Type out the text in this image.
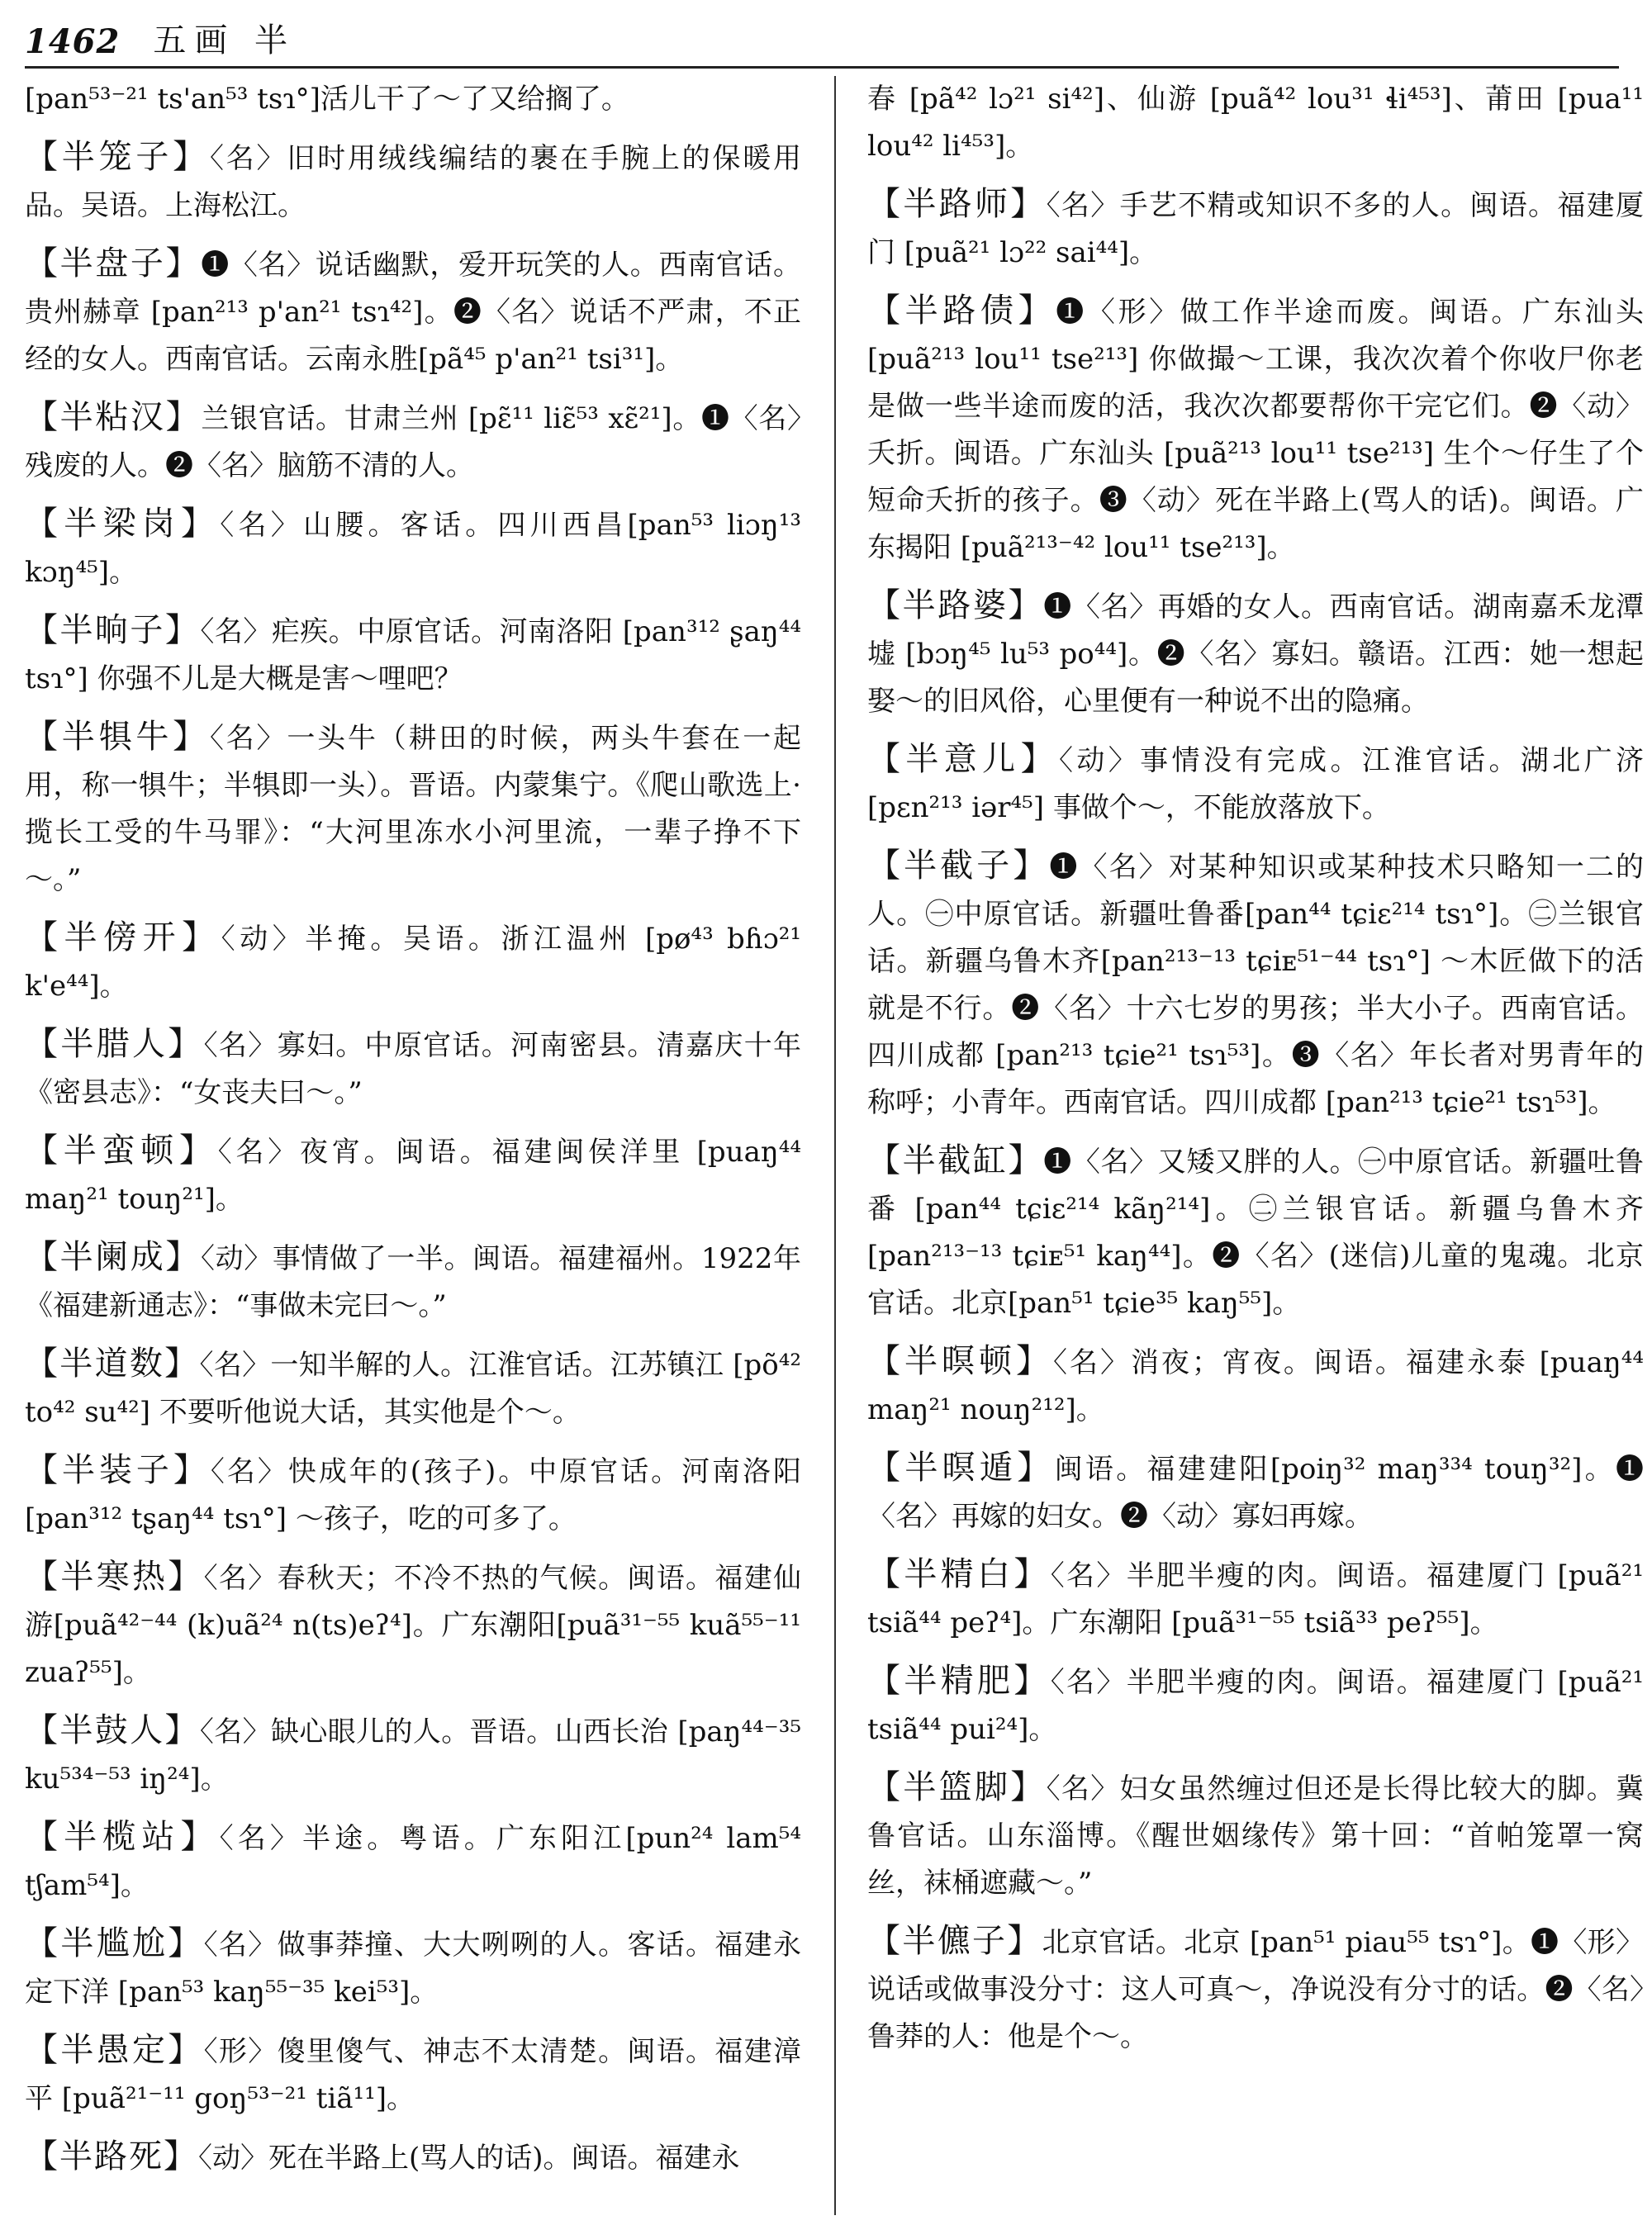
1462 五画 半
[pan⁵³⁻²¹ ts'an⁵³ tsɿ°]活儿干了～了又给搁了。
【半笼子】〈名〉旧时用绒线编结的裹在手腕上的保暖用品。吴语。上海松江。
【半盘子】❶〈名〉说话幽默，爱开玩笑的人。西南官话。贵州赫章 [pan²¹³ p'an²¹ tsɿ⁴²]。❷〈名〉说话不严肃，不正经的女人。西南官话。云南永胜[pã⁴⁵ p'an²¹ tsi³¹]。
【半粘汉】兰银官话。甘肃兰州 [pɛ̃¹¹ liɛ̃⁵³ xɛ̃²¹]。❶〈名〉残废的人。❷〈名〉脑筋不清的人。
【半梁岗】〈名〉山腰。客话。四川西昌[pan⁵³ liɔŋ¹³ kɔŋ⁴⁵]。
【半晌子】〈名〉疟疾。中原官话。河南洛阳 [pan³¹² ʂaŋ⁴⁴ tsɿ°] 你强不儿是大概是害～哩吧？
【半犋牛】〈名〉一头牛（耕田的时候，两头牛套在一起用，称一犋牛；半犋即一头）。晋语。内蒙集宁。《爬山歌选上·揽长工受的牛马罪》：“大河里冻水小河里流，一辈子挣不下～。”
【半傍开】〈动〉半掩。吴语。浙江温州 [pø⁴³ bɦɔ²¹ k'e⁴⁴]。
【半腊人】〈名〉寡妇。中原官话。河南密县。清嘉庆十年《密县志》：“女丧夫曰～。”
【半蛮顿】〈名〉夜宵。闽语。福建闽侯洋里 [puaŋ⁴⁴ maŋ²¹ touŋ²¹]。
【半阑成】〈动〉事情做了一半。闽语。福建福州。1922年《福建新通志》：“事做未完曰～。”
【半道数】〈名〉一知半解的人。江淮官话。江苏镇江 [põ⁴² to⁴² su⁴²] 不要听他说大话，其实他是个～。
【半装子】〈名〉快成年的(孩子)。中原官话。河南洛阳 [pan³¹² tʂaŋ⁴⁴ tsɿ°] ～孩子，吃的可多了。
【半寒热】〈名〉春秋天；不冷不热的气候。闽语。福建仙游[puã⁴²⁻⁴⁴ (k)uã²⁴ n(ts)eʔ⁴]。广东潮阳[puã³¹⁻⁵⁵ kuã⁵⁵⁻¹¹ zuaʔ⁵⁵]。
【半鼓人】〈名〉缺心眼儿的人。晋语。山西长治 [paŋ⁴⁴⁻³⁵ ku⁵³⁴⁻⁵³ iŋ²⁴]。
【半榄站】〈名〉半途。粤语。广东阳江[pun²⁴ lam⁵⁴ tʃam⁵⁴]。
【半尴尬】〈名〉做事莽撞、大大咧咧的人。客话。福建永定下洋 [pan⁵³ kaŋ⁵⁵⁻³⁵ kei⁵³]。
【半愚定】〈形〉傻里傻气、神志不太清楚。闽语。福建漳平 [puã²¹⁻¹¹ goŋ⁵³⁻²¹ tiã¹¹]。
【半路死】〈动〉死在半路上(骂人的话)。闽语。福建永
春 [pã⁴² lɔ²¹ si⁴²]、仙游 [puã⁴² lou³¹ ɬi⁴⁵³]、莆田 [pua¹¹ lou⁴² li⁴⁵³]。
【半路师】〈名〉手艺不精或知识不多的人。闽语。福建厦门 [puã²¹ lɔ²² sai⁴⁴]。
【半路债】❶〈形〉做工作半途而废。闽语。广东汕头 [puã²¹³ lou¹¹ tse²¹³] 你做撮～工课，我次次着个你收尸你老是做一些半途而废的活，我次次都要帮你干完它们。❷〈动〉夭折。闽语。广东汕头 [puã²¹³ lou¹¹ tse²¹³] 生个～仔生了个短命夭折的孩子。❸〈动〉死在半路上(骂人的话)。闽语。广东揭阳 [puã²¹³⁻⁴² lou¹¹ tse²¹³]。
【半路婆】❶〈名〉再婚的女人。西南官话。湖南嘉禾龙潭墟 [bɔŋ⁴⁵ lu⁵³ po⁴⁴]。❷〈名〉寡妇。赣语。江西：她一想起娶～的旧风俗，心里便有一种说不出的隐痛。
【半意儿】〈动〉事情没有完成。江淮官话。湖北广济 [pɛn²¹³ iər⁴⁵] 事做个～，不能放落放下。
【半截子】❶〈名〉对某种知识或某种技术只略知一二的人。㊀中原官话。新疆吐鲁番[pan⁴⁴ tɕiɛ²¹⁴ tsɿ°]。㊁兰银官话。新疆乌鲁木齐[pan²¹³⁻¹³ tɕiᴇ⁵¹⁻⁴⁴ tsɿ°] ～木匠做下的活就是不行。❷〈名〉十六七岁的男孩；半大小子。西南官话。四川成都 [pan²¹³ tɕie²¹ tsɿ⁵³]。❸〈名〉年长者对男青年的称呼；小青年。西南官话。四川成都 [pan²¹³ tɕie²¹ tsɿ⁵³]。
【半截缸】❶〈名〉又矮又胖的人。㊀中原官话。新疆吐鲁番 [pan⁴⁴ tɕiɛ²¹⁴ kãŋ²¹⁴]。㊁兰银官话。新疆乌鲁木齐 [pan²¹³⁻¹³ tɕiᴇ⁵¹ kaŋ⁴⁴]。❷〈名〉(迷信)儿童的鬼魂。北京官话。北京[pan⁵¹ tɕie³⁵ kaŋ⁵⁵]。
【半暝顿】〈名〉消夜；宵夜。闽语。福建永泰 [puaŋ⁴⁴ maŋ²¹ nouŋ²¹²]。
【半暝遁】闽语。福建建阳[poiŋ³² maŋ³³⁴ touŋ³²]。❶〈名〉再嫁的妇女。❷〈动〉寡妇再嫁。
【半精白】〈名〉半肥半瘦的肉。闽语。福建厦门 [puã²¹ tsiã⁴⁴ peʔ⁴]。广东潮阳 [puã³¹⁻⁵⁵ tsiã³³ peʔ⁵⁵]。
【半精肥】〈名〉半肥半瘦的肉。闽语。福建厦门 [puã²¹ tsiã⁴⁴ pui²⁴]。
【半篮脚】〈名〉妇女虽然缠过但还是长得比较大的脚。冀鲁官话。山东淄博。《醒世姻缘传》第十回：“首帕笼罩一窝丝，袜桶遮藏～。”
【半儦子】北京官话。北京 [pan⁵¹ piau⁵⁵ tsɿ°]。❶〈形〉说话或做事没分寸：这人可真～，净说没有分寸的话。❷〈名〉鲁莽的人：他是个～。
